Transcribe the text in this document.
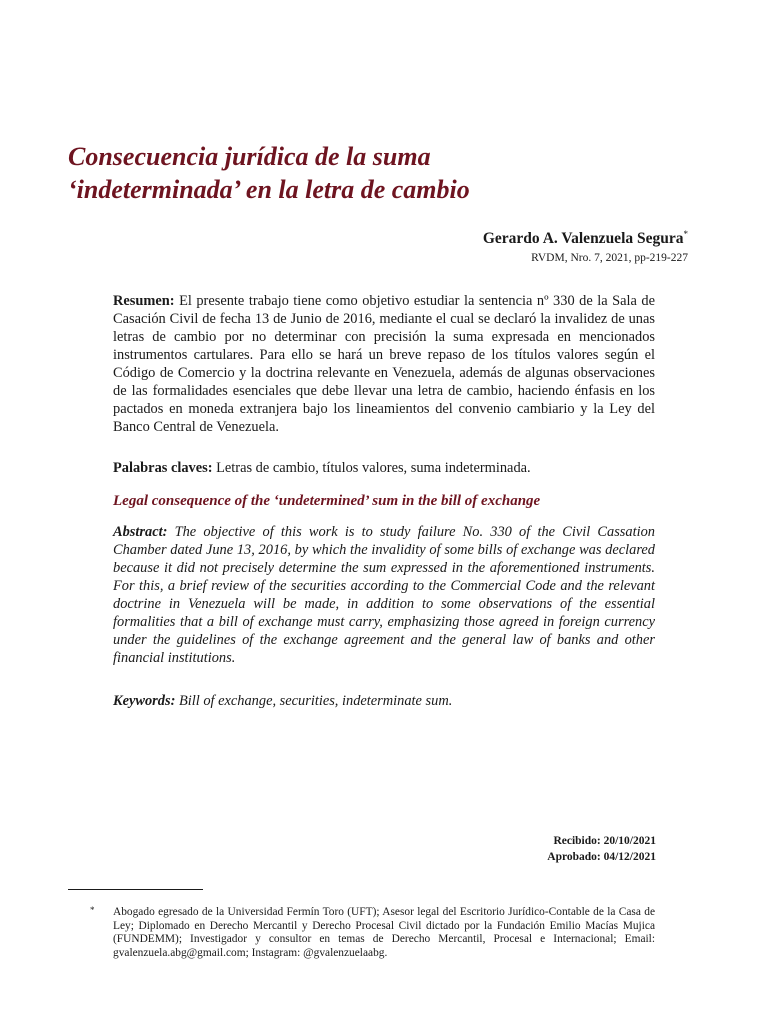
Consecuencia jurídica de la suma
‘indeterminada’ en la letra de cambio
Gerardo A. Valenzuela Segura*
RVDM, Nro. 7, 2021, pp-219-227

Resumen: El presente trabajo tiene como objetivo estudiar la sentencia nº 330 de la Sala de Casación Civil de fecha 13 de Junio de 2016, mediante el cual se declaró la invalidez de unas letras de cambio por no determinar con precisión la suma expresada en mencionados instrumentos cartulares. Para ello se hará un breve repaso de los títulos valores según el Código de Comercio y la doctrina relevante en Venezuela, además de algunas observaciones de las formalidades esenciales que debe llevar una letra de cambio, haciendo énfasis en los pactados en moneda extranjera bajo los lineamientos del convenio cambiario y la Ley del Banco Central de Venezuela.

Palabras claves: Letras de cambio, títulos valores, suma indeterminada.

Legal consequence of the ‘undetermined’ sum in the bill of exchange

Abstract: The objective of this work is to study failure No. 330 of the Civil Cassation Chamber dated June 13, 2016, by which the invalidity of some bills of exchange was declared because it did not precisely determine the sum expressed in the aforementioned instruments. For this, a brief review of the securities according to the Commercial Code and the relevant doctrine in Venezuela will be made, in addition to some observations of the essential formalities that a bill of exchange must carry, emphasizing those agreed in foreign currency under the guidelines of the exchange agreement and the general law of banks and other financial institutions.

Keywords: Bill of exchange, securities, indeterminate sum.

Recibido: 20/10/2021
Aprobado: 04/12/2021
* Abogado egresado de la Universidad Fermín Toro (UFT); Asesor legal del Escritorio Jurídico-Contable de la Casa de Ley; Diplomado en Derecho Mercantil y Derecho Procesal Civil dictado por la Fundación Emilio Macías Mujica (FUNDEMM); Investigador y consultor en temas de Derecho Mercantil, Procesal e Internacional; Email: gvalenzuela.abg@gmail.com; Instagram: @gvalenzuelaabg.
